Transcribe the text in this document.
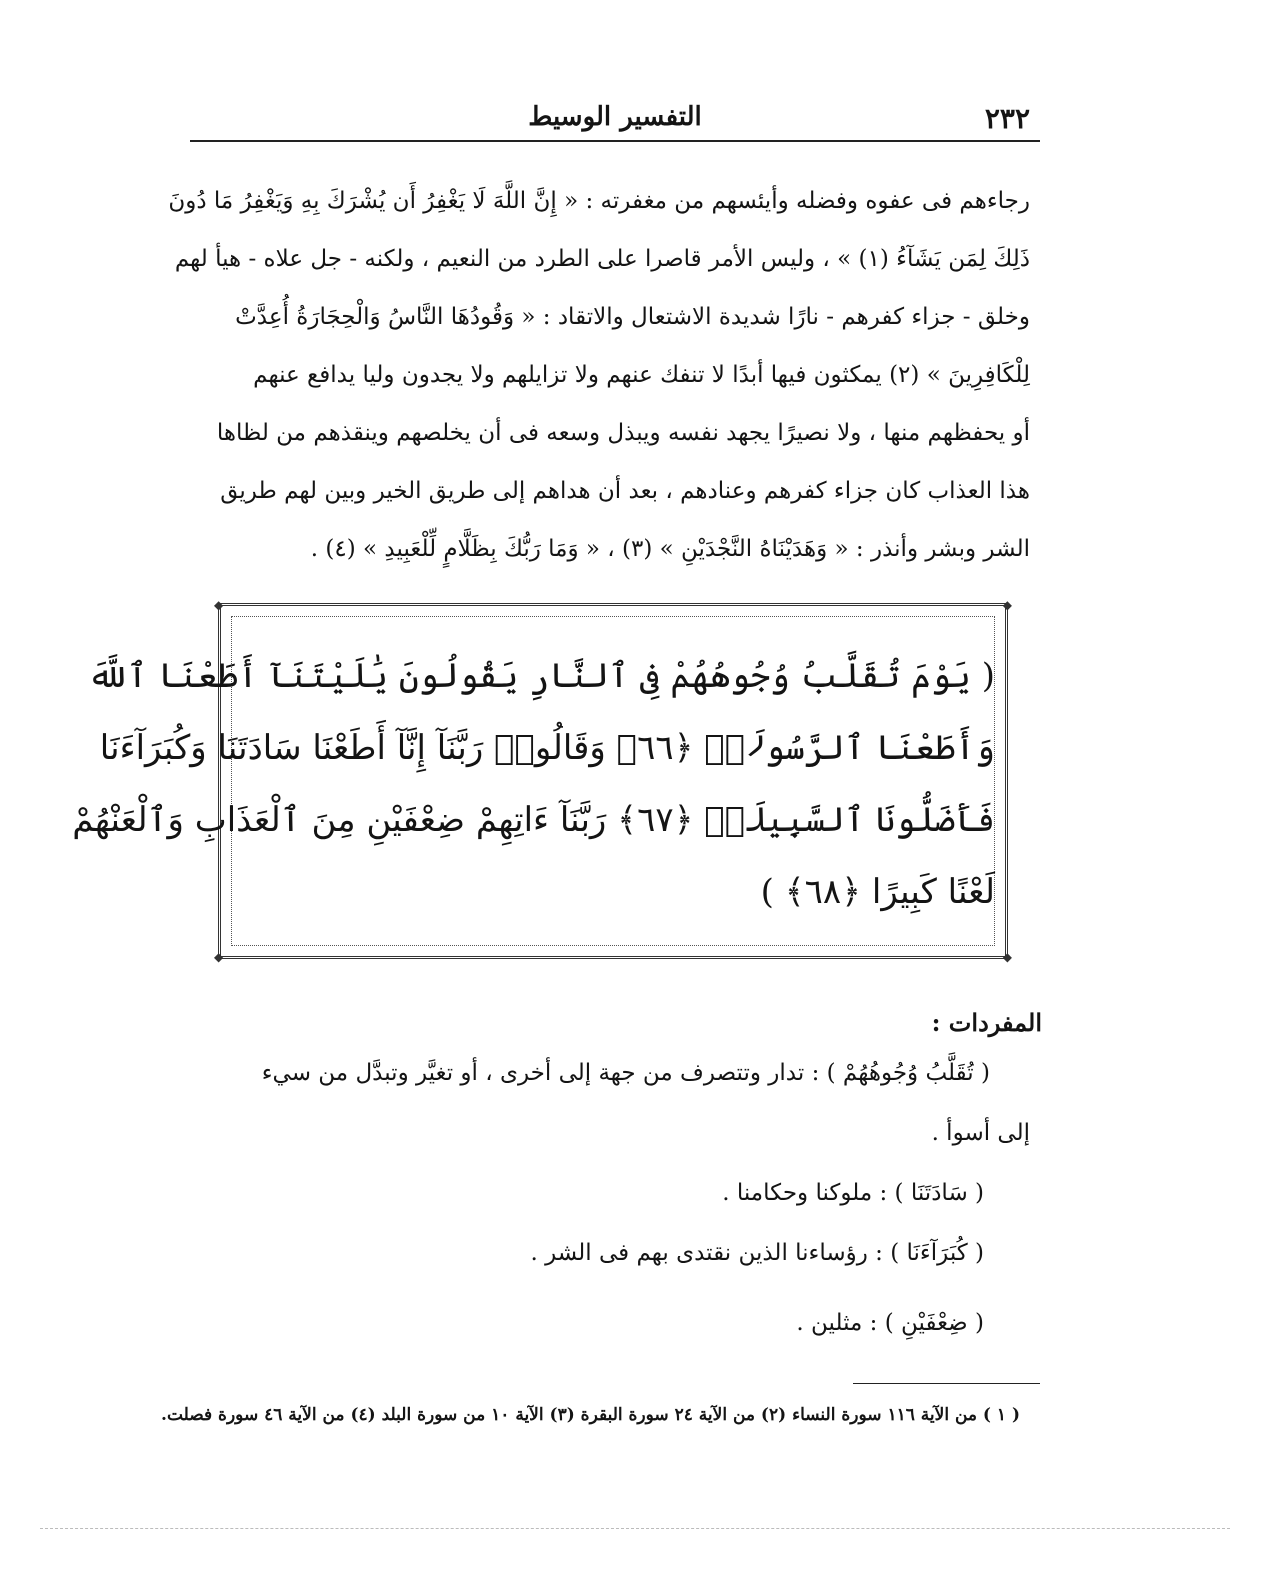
٢٣٢
التفسير الوسيط
رجاءهم فى عفوه وفضله وأيئسهم من مغفرته : « إِنَّ اللَّهَ لَا يَغْفِرُ أَن يُشْرَكَ بِهِ وَيَغْفِرُ مَا دُونَ
ذَلِكَ لِمَن يَشَآءُ (١) » ، وليس الأمر قاصرا على الطرد من النعيم ، ولكنه - جل علاه - هيأ لهم
وخلق - جزاء كفرهم - نارًا شديدة الاشتعال والاتقاد : « وَقُودُهَا النَّاسُ وَالْحِجَارَةُ أُعِدَّتْ
لِلْكَافِرِينَ » (٢) يمكثون فيها أبدًا لا تنفك عنهم ولا تزايلهم ولا يجدون وليا يدافع عنهم
أو يحفظهم منها ، ولا نصيرًا يجهد نفسه ويبذل وسعه فى أن يخلصهم وينقذهم من لظاها
هذا العذاب كان جزاء كفرهم وعنادهم ، بعد أن هداهم إلى طريق الخير وبين لهم طريق
الشر وبشر وأنذر : « وَهَدَيْنَاهُ النَّجْدَيْنِ » (٣) ، « وَمَا رَبُّكَ بِظَلَّامٍ لِّلْعَبِيدِ » (٤) .
◆	◆
◆	◆
( يَوْمَ تُقَلَّبُ وُجُوهُهُمْ فِى ٱلنَّارِ يَقُولُونَ يَٰلَيْتَنَآ أَطَعْنَا ٱللَّهَ
وَأَطَعْنَا ٱلرَّسُولَا۠ ﴿٦٦﴾ وَقَالُوا۟ رَبَّنَآ إِنَّآ أَطَعْنَا سَادَتَنَا وَكُبَرَآءَنَا
فَأَضَلُّونَا ٱلسَّبِيلَا۠ ﴿٦٧﴾ رَبَّنَآ ءَاتِهِمْ ضِعْفَيْنِ مِنَ ٱلْعَذَابِ وَٱلْعَنْهُمْ
لَعْنًا كَبِيرًا ﴿٦٨﴾ )
المفردات :
( تُقَلَّبُ وُجُوهُهُمْ ) : تدار وتتصرف من جهة إلى أخرى ، أو تغيَّر وتبدَّل من سيء
إلى أسوأ .
( سَادَتَنَا ) : ملوكنا وحكامنا .
( كُبَرَآءَنَا ) : رؤساءنا الذين نقتدى بهم فى الشر .
( ضِعْفَيْنِ ) : مثلين .
( ١ ) من الآية ١١٦ سورة النساء (٢) من الآية ٢٤ سورة البقرة (٣) الآية ١٠ من سورة البلد (٤) من الآية ٤٦ سورة فصلت.
